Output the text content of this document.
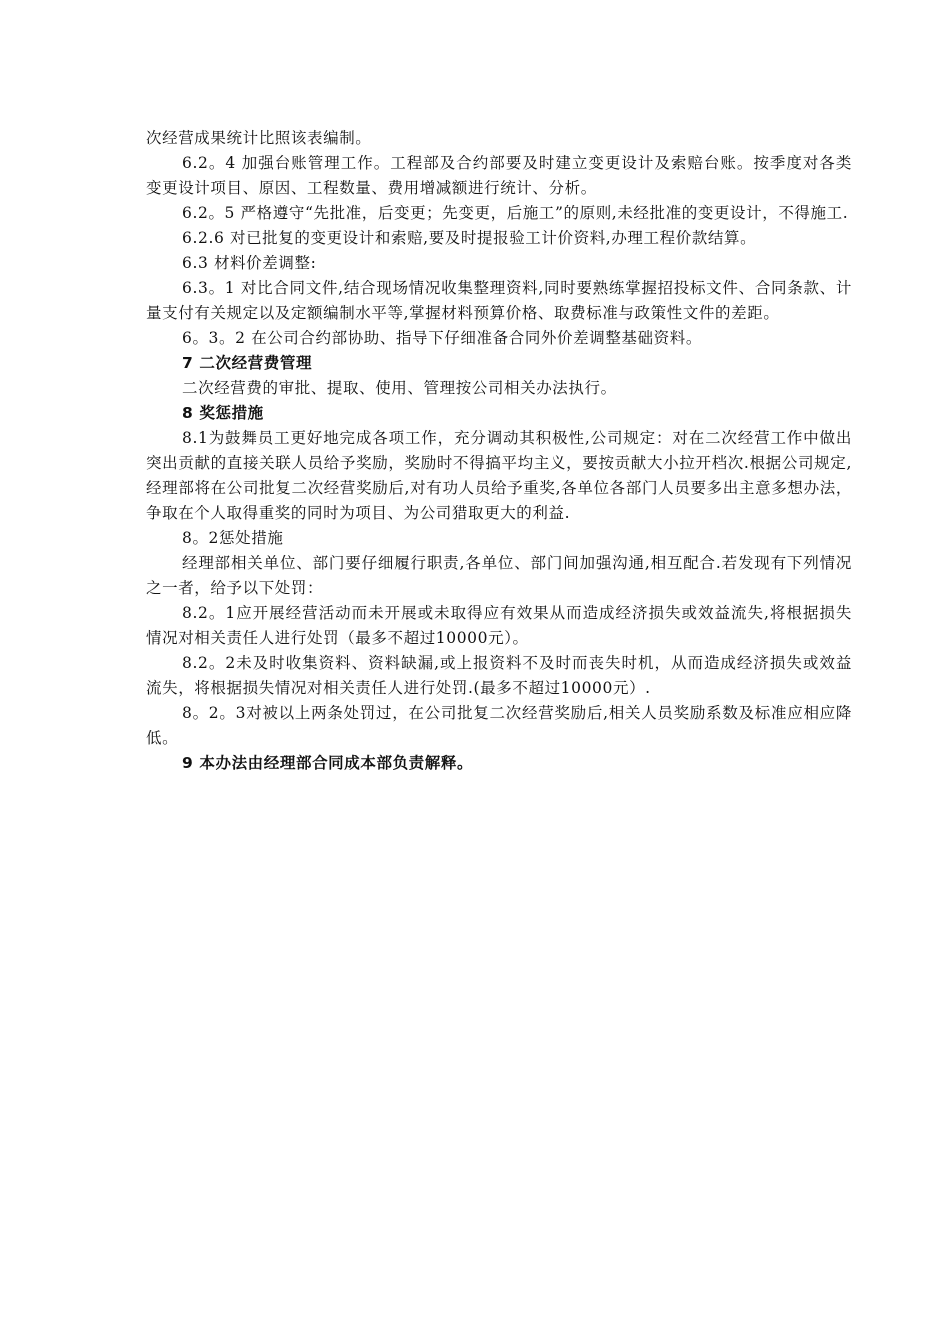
次经营成果统计比照该表编制。

6.2。4 加强台账管理工作。工程部及合约部要及时建立变更设计及索赔台账。按季度对各类变更设计项目、原因、工程数量、费用增减额进行统计、分析。

6.2。5 严格遵守“先批准，后变更；先变更，后施工”的原则,未经批准的变更设计，不得施工.

6.2.6 对已批复的变更设计和索赔,要及时提报验工计价资料,办理工程价款结算。

6.3 材料价差调整:

6.3。1 对比合同文件,结合现场情况收集整理资料,同时要熟练掌握招投标文件、合同条款、计量支付有关规定以及定额编制水平等,掌握材料预算价格、取费标准与政策性文件的差距。

6。3。2 在公司合约部协助、指导下仔细准备合同外价差调整基础资料。

7 二次经营费管理

二次经营费的审批、提取、使用、管理按公司相关办法执行。

8 奖惩措施

8.1为鼓舞员工更好地完成各项工作，充分调动其积极性,公司规定：对在二次经营工作中做出突出贡献的直接关联人员给予奖励，奖励时不得搞平均主义，要按贡献大小拉开档次.根据公司规定,经理部将在公司批复二次经营奖励后,对有功人员给予重奖,各单位各部门人员要多出主意多想办法，争取在个人取得重奖的同时为项目、为公司猎取更大的利益.

8。2惩处措施

经理部相关单位、部门要仔细履行职责,各单位、部门间加强沟通,相互配合.若发现有下列情况之一者，给予以下处罚：

8.2。1应开展经营活动而未开展或未取得应有效果从而造成经济损失或效益流失,将根据损失情况对相关责任人进行处罚（最多不超过10000元）。

8.2。2未及时收集资料、资料缺漏,或上报资料不及时而丧失时机，从而造成经济损失或效益流失，将根据损失情况对相关责任人进行处罚.(最多不超过10000元）.

8。2。3对被以上两条处罚过，在公司批复二次经营奖励后,相关人员奖励系数及标准应相应降低。

9 本办法由经理部合同成本部负责解释。
